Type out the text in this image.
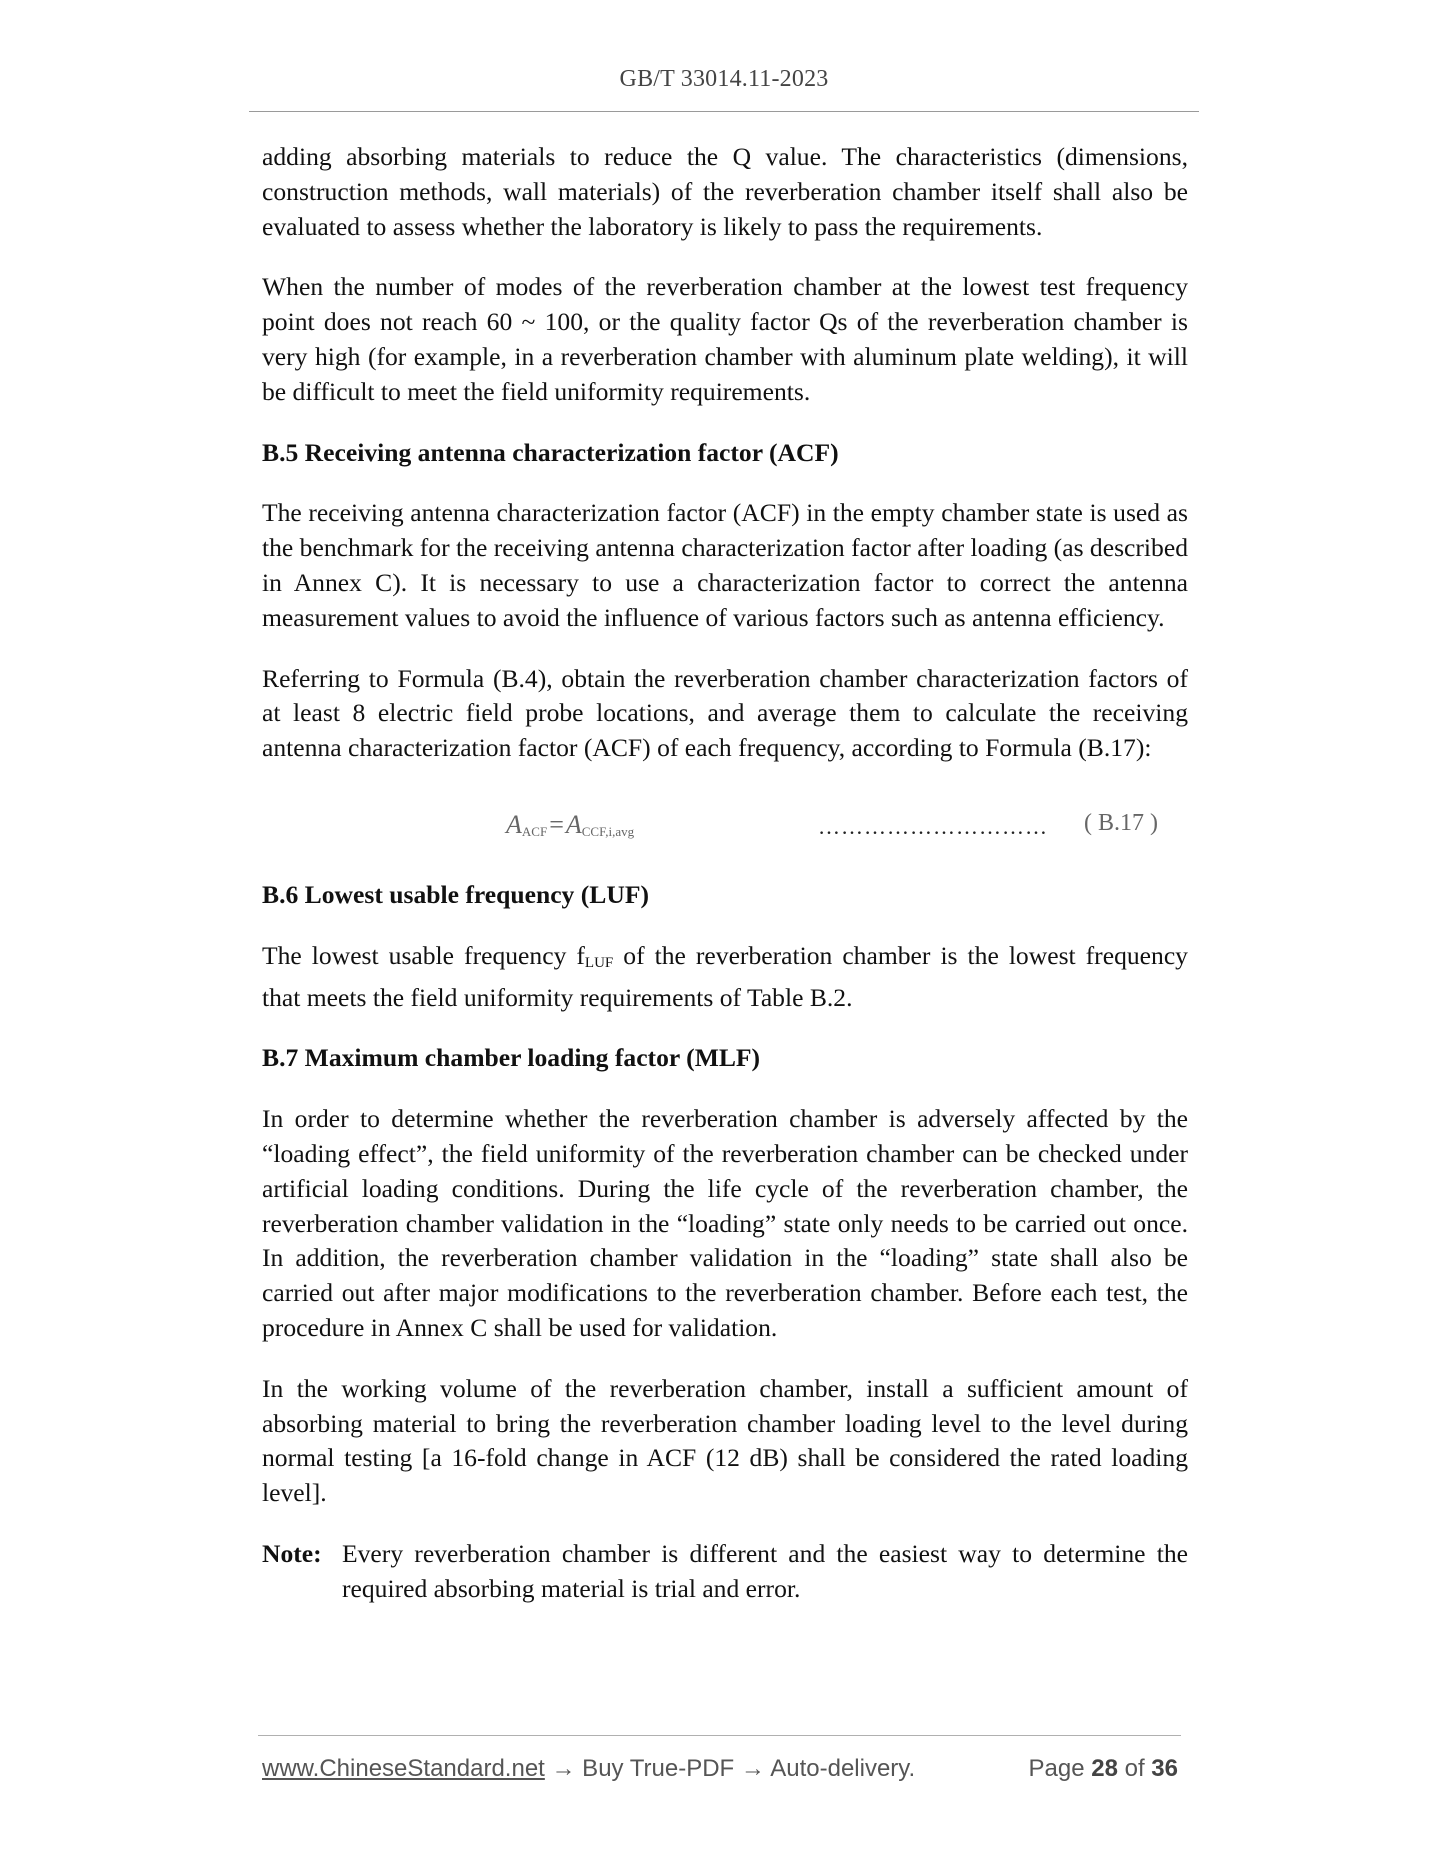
GB/T 33014.11-2023

adding absorbing materials to reduce the Q value. The characteristics (dimensions, construction methods, wall materials) of the reverberation chamber itself shall also be evaluated to assess whether the laboratory is likely to pass the requirements.

When the number of modes of the reverberation chamber at the lowest test frequency point does not reach 60 ~ 100, or the quality factor Qs of the reverberation chamber is very high (for example, in a reverberation chamber with aluminum plate welding), it will be difficult to meet the field uniformity requirements.

B.5 Receiving antenna characterization factor (ACF)

The receiving antenna characterization factor (ACF) in the empty chamber state is used as the benchmark for the receiving antenna characterization factor after loading (as described in Annex C). It is necessary to use a characterization factor to correct the antenna measurement values to avoid the influence of various factors such as antenna efficiency.

Referring to Formula (B.4), obtain the reverberation chamber characterization factors of at least 8 electric field probe locations, and average them to calculate the receiving antenna characterization factor (ACF) of each frequency, according to Formula (B.17):

$A_{ACF}=A_{CCF,i,avg}$	………………………… ( B.17 )
B.6 Lowest usable frequency (LUF)

The lowest usable frequency fLUF of the reverberation chamber is the lowest frequency that meets the field uniformity requirements of Table B.2.

B.7 Maximum chamber loading factor (MLF)

In order to determine whether the reverberation chamber is adversely affected by the “loading effect”, the field uniformity of the reverberation chamber can be checked under artificial loading conditions. During the life cycle of the reverberation chamber, the reverberation chamber validation in the “loading” state only needs to be carried out once. In addition, the reverberation chamber validation in the “loading” state shall also be carried out after major modifications to the reverberation chamber. Before each test, the procedure in Annex C shall be used for validation.

In the working volume of the reverberation chamber, install a sufficient amount of absorbing material to bring the reverberation chamber loading level to the level during normal testing [a 16-fold change in ACF (12 dB) shall be considered the rated loading level].

Note: Every reverberation chamber is different and the easiest way to determine the required absorbing material is trial and error.
www.ChineseStandard.net → Buy True-PDF → Auto-delivery.	Page 28 of 36
